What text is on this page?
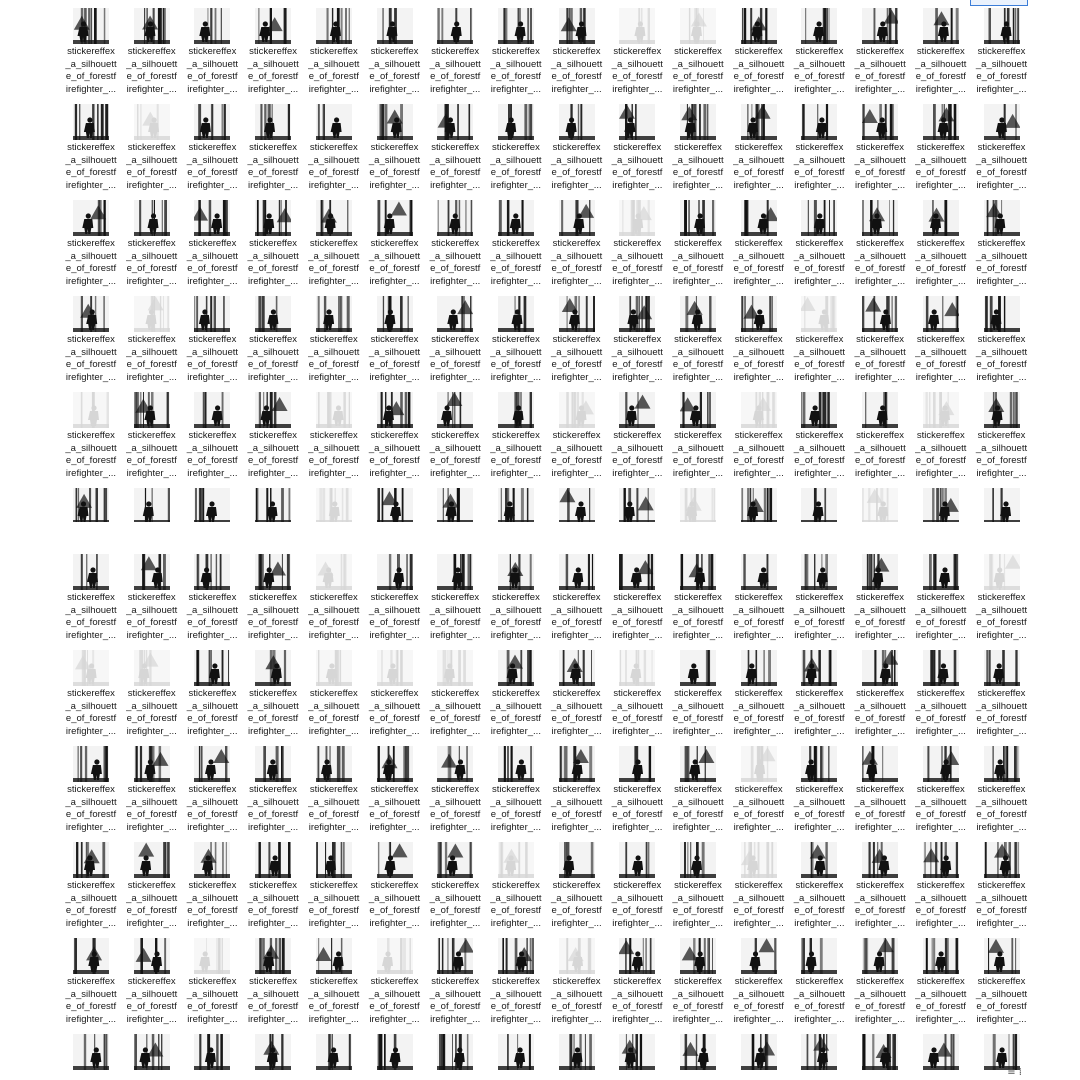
stickereffex
_a_silhouett
e_of_forestf
irefighter_...
stickereffex
_a_silhouett
e_of_forestf
irefighter_...
stickereffex
_a_silhouett
e_of_forestf
irefighter_...
stickereffex
_a_silhouett
e_of_forestf
irefighter_...
stickereffex
_a_silhouett
e_of_forestf
irefighter_...
stickereffex
_a_silhouett
e_of_forestf
irefighter_...
stickereffex
_a_silhouett
e_of_forestf
irefighter_...
stickereffex
_a_silhouett
e_of_forestf
irefighter_...
stickereffex
_a_silhouett
e_of_forestf
irefighter_...
stickereffex
_a_silhouett
e_of_forestf
irefighter_...
stickereffex
_a_silhouett
e_of_forestf
irefighter_...
stickereffex
_a_silhouett
e_of_forestf
irefighter_...
stickereffex
_a_silhouett
e_of_forestf
irefighter_...
stickereffex
_a_silhouett
e_of_forestf
irefighter_...
stickereffex
_a_silhouett
e_of_forestf
irefighter_...
stickereffex
_a_silhouett
e_of_forestf
irefighter_...
stickereffex
_a_silhouett
e_of_forestf
irefighter_...
stickereffex
_a_silhouett
e_of_forestf
irefighter_...
stickereffex
_a_silhouett
e_of_forestf
irefighter_...
stickereffex
_a_silhouett
e_of_forestf
irefighter_...
stickereffex
_a_silhouett
e_of_forestf
irefighter_...
stickereffex
_a_silhouett
e_of_forestf
irefighter_...
stickereffex
_a_silhouett
e_of_forestf
irefighter_...
stickereffex
_a_silhouett
e_of_forestf
irefighter_...
stickereffex
_a_silhouett
e_of_forestf
irefighter_...
stickereffex
_a_silhouett
e_of_forestf
irefighter_...
stickereffex
_a_silhouett
e_of_forestf
irefighter_...
stickereffex
_a_silhouett
e_of_forestf
irefighter_...
stickereffex
_a_silhouett
e_of_forestf
irefighter_...
stickereffex
_a_silhouett
e_of_forestf
irefighter_...
stickereffex
_a_silhouett
e_of_forestf
irefighter_...
stickereffex
_a_silhouett
e_of_forestf
irefighter_...
stickereffex
_a_silhouett
e_of_forestf
irefighter_...
stickereffex
_a_silhouett
e_of_forestf
irefighter_...
stickereffex
_a_silhouett
e_of_forestf
irefighter_...
stickereffex
_a_silhouett
e_of_forestf
irefighter_...
stickereffex
_a_silhouett
e_of_forestf
irefighter_...
stickereffex
_a_silhouett
e_of_forestf
irefighter_...
stickereffex
_a_silhouett
e_of_forestf
irefighter_...
stickereffex
_a_silhouett
e_of_forestf
irefighter_...
stickereffex
_a_silhouett
e_of_forestf
irefighter_...
stickereffex
_a_silhouett
e_of_forestf
irefighter_...
stickereffex
_a_silhouett
e_of_forestf
irefighter_...
stickereffex
_a_silhouett
e_of_forestf
irefighter_...
stickereffex
_a_silhouett
e_of_forestf
irefighter_...
stickereffex
_a_silhouett
e_of_forestf
irefighter_...
stickereffex
_a_silhouett
e_of_forestf
irefighter_...
stickereffex
_a_silhouett
e_of_forestf
irefighter_...
stickereffex
_a_silhouett
e_of_forestf
irefighter_...
stickereffex
_a_silhouett
e_of_forestf
irefighter_...
stickereffex
_a_silhouett
e_of_forestf
irefighter_...
stickereffex
_a_silhouett
e_of_forestf
irefighter_...
stickereffex
_a_silhouett
e_of_forestf
irefighter_...
stickereffex
_a_silhouett
e_of_forestf
irefighter_...
stickereffex
_a_silhouett
e_of_forestf
irefighter_...
stickereffex
_a_silhouett
e_of_forestf
irefighter_...
stickereffex
_a_silhouett
e_of_forestf
irefighter_...
stickereffex
_a_silhouett
e_of_forestf
irefighter_...
stickereffex
_a_silhouett
e_of_forestf
irefighter_...
stickereffex
_a_silhouett
e_of_forestf
irefighter_...
stickereffex
_a_silhouett
e_of_forestf
irefighter_...
stickereffex
_a_silhouett
e_of_forestf
irefighter_...
stickereffex
_a_silhouett
e_of_forestf
irefighter_...
stickereffex
_a_silhouett
e_of_forestf
irefighter_...
stickereffex
_a_silhouett
e_of_forestf
irefighter_...
stickereffex
_a_silhouett
e_of_forestf
irefighter_...
stickereffex
_a_silhouett
e_of_forestf
irefighter_...
stickereffex
_a_silhouett
e_of_forestf
irefighter_...
stickereffex
_a_silhouett
e_of_forestf
irefighter_...
stickereffex
_a_silhouett
e_of_forestf
irefighter_...
stickereffex
_a_silhouett
e_of_forestf
irefighter_...
stickereffex
_a_silhouett
e_of_forestf
irefighter_...
stickereffex
_a_silhouett
e_of_forestf
irefighter_...
stickereffex
_a_silhouett
e_of_forestf
irefighter_...
stickereffex
_a_silhouett
e_of_forestf
irefighter_...
stickereffex
_a_silhouett
e_of_forestf
irefighter_...
stickereffex
_a_silhouett
e_of_forestf
irefighter_...
stickereffex
_a_silhouett
e_of_forestf
irefighter_...
stickereffex
_a_silhouett
e_of_forestf
irefighter_...
stickereffex
_a_silhouett
e_of_forestf
irefighter_...
stickereffex
_a_silhouett
e_of_forestf
irefighter_...
stickereffex
_a_silhouett
e_of_forestf
irefighter_...
stickereffex
_a_silhouett
e_of_forestf
irefighter_...
stickereffex
_a_silhouett
e_of_forestf
irefighter_...
stickereffex
_a_silhouett
e_of_forestf
irefighter_...
stickereffex
_a_silhouett
e_of_forestf
irefighter_...
stickereffex
_a_silhouett
e_of_forestf
irefighter_...
stickereffex
_a_silhouett
e_of_forestf
irefighter_...
stickereffex
_a_silhouett
e_of_forestf
irefighter_...
stickereffex
_a_silhouett
e_of_forestf
irefighter_...
stickereffex
_a_silhouett
e_of_forestf
irefighter_...
stickereffex
_a_silhouett
e_of_forestf
irefighter_...
stickereffex
_a_silhouett
e_of_forestf
irefighter_...
stickereffex
_a_silhouett
e_of_forestf
irefighter_...
stickereffex
_a_silhouett
e_of_forestf
irefighter_...
stickereffex
_a_silhouett
e_of_forestf
irefighter_...
stickereffex
_a_silhouett
e_of_forestf
irefighter_...
stickereffex
_a_silhouett
e_of_forestf
irefighter_...
stickereffex
_a_silhouett
e_of_forestf
irefighter_...
stickereffex
_a_silhouett
e_of_forestf
irefighter_...
stickereffex
_a_silhouett
e_of_forestf
irefighter_...
stickereffex
_a_silhouett
e_of_forestf
irefighter_...
stickereffex
_a_silhouett
e_of_forestf
irefighter_...
stickereffex
_a_silhouett
e_of_forestf
irefighter_...
stickereffex
_a_silhouett
e_of_forestf
irefighter_...
stickereffex
_a_silhouett
e_of_forestf
irefighter_...
stickereffex
_a_silhouett
e_of_forestf
irefighter_...
stickereffex
_a_silhouett
e_of_forestf
irefighter_...
stickereffex
_a_silhouett
e_of_forestf
irefighter_...
stickereffex
_a_silhouett
e_of_forestf
irefighter_...
stickereffex
_a_silhouett
e_of_forestf
irefighter_...
stickereffex
_a_silhouett
e_of_forestf
irefighter_...
stickereffex
_a_silhouett
e_of_forestf
irefighter_...
stickereffex
_a_silhouett
e_of_forestf
irefighter_...
stickereffex
_a_silhouett
e_of_forestf
irefighter_...
stickereffex
_a_silhouett
e_of_forestf
irefighter_...
stickereffex
_a_silhouett
e_of_forestf
irefighter_...
stickereffex
_a_silhouett
e_of_forestf
irefighter_...
stickereffex
_a_silhouett
e_of_forestf
irefighter_...
stickereffex
_a_silhouett
e_of_forestf
irefighter_...
stickereffex
_a_silhouett
e_of_forestf
irefighter_...
stickereffex
_a_silhouett
e_of_forestf
irefighter_...
stickereffex
_a_silhouett
e_of_forestf
irefighter_...
stickereffex
_a_silhouett
e_of_forestf
irefighter_...
stickereffex
_a_silhouett
e_of_forestf
irefighter_...
stickereffex
_a_silhouett
e_of_forestf
irefighter_...
stickereffex
_a_silhouett
e_of_forestf
irefighter_...
stickereffex
_a_silhouett
e_of_forestf
irefighter_...
stickereffex
_a_silhouett
e_of_forestf
irefighter_...
stickereffex
_a_silhouett
e_of_forestf
irefighter_...
stickereffex
_a_silhouett
e_of_forestf
irefighter_...
stickereffex
_a_silhouett
e_of_forestf
irefighter_...
stickereffex
_a_silhouett
e_of_forestf
irefighter_...
stickereffex
_a_silhouett
e_of_forestf
irefighter_...
stickereffex
_a_silhouett
e_of_forestf
irefighter_...
stickereffex
_a_silhouett
e_of_forestf
irefighter_...
stickereffex
_a_silhouett
e_of_forestf
irefighter_...
stickereffex
_a_silhouett
e_of_forestf
irefighter_...
stickereffex
_a_silhouett
e_of_forestf
irefighter_...
stickereffex
_a_silhouett
e_of_forestf
irefighter_...
stickereffex
_a_silhouett
e_of_forestf
irefighter_...
stickereffex
_a_silhouett
e_of_forestf
irefighter_...
stickereffex
_a_silhouett
e_of_forestf
irefighter_...
stickereffex
_a_silhouett
e_of_forestf
irefighter_...
stickereffex
_a_silhouett
e_of_forestf
irefighter_...
stickereffex
_a_silhouett
e_of_forestf
irefighter_...
stickereffex
_a_silhouett
e_of_forestf
irefighter_...
stickereffex
_a_silhouett
e_of_forestf
irefighter_...
stickereffex
_a_silhouett
e_of_forestf
irefighter_...
stickereffex
_a_silhouett
e_of_forestf
irefighter_...
stickereffex
_a_silhouett
e_of_forestf
irefighter_...
stickereffex
_a_silhouett
e_of_forestf
irefighter_...
stickereffex
_a_silhouett
e_of_forestf
irefighter_...
stickereffex
_a_silhouett
e_of_forestf
irefighter_...
stickereffex
_a_silhouett
e_of_forestf
irefighter_...
stickereffex
_a_silhouett
e_of_forestf
irefighter_...
stickereffex
_a_silhouett
e_of_forestf
irefighter_...
stickereffex
_a_silhouett
e_of_forestf
irefighter_...
stickereffex
_a_silhouett
e_of_forestf
irefighter_...
stickereffex
_a_silhouett
e_of_forestf
irefighter_...
≡ ⁞
